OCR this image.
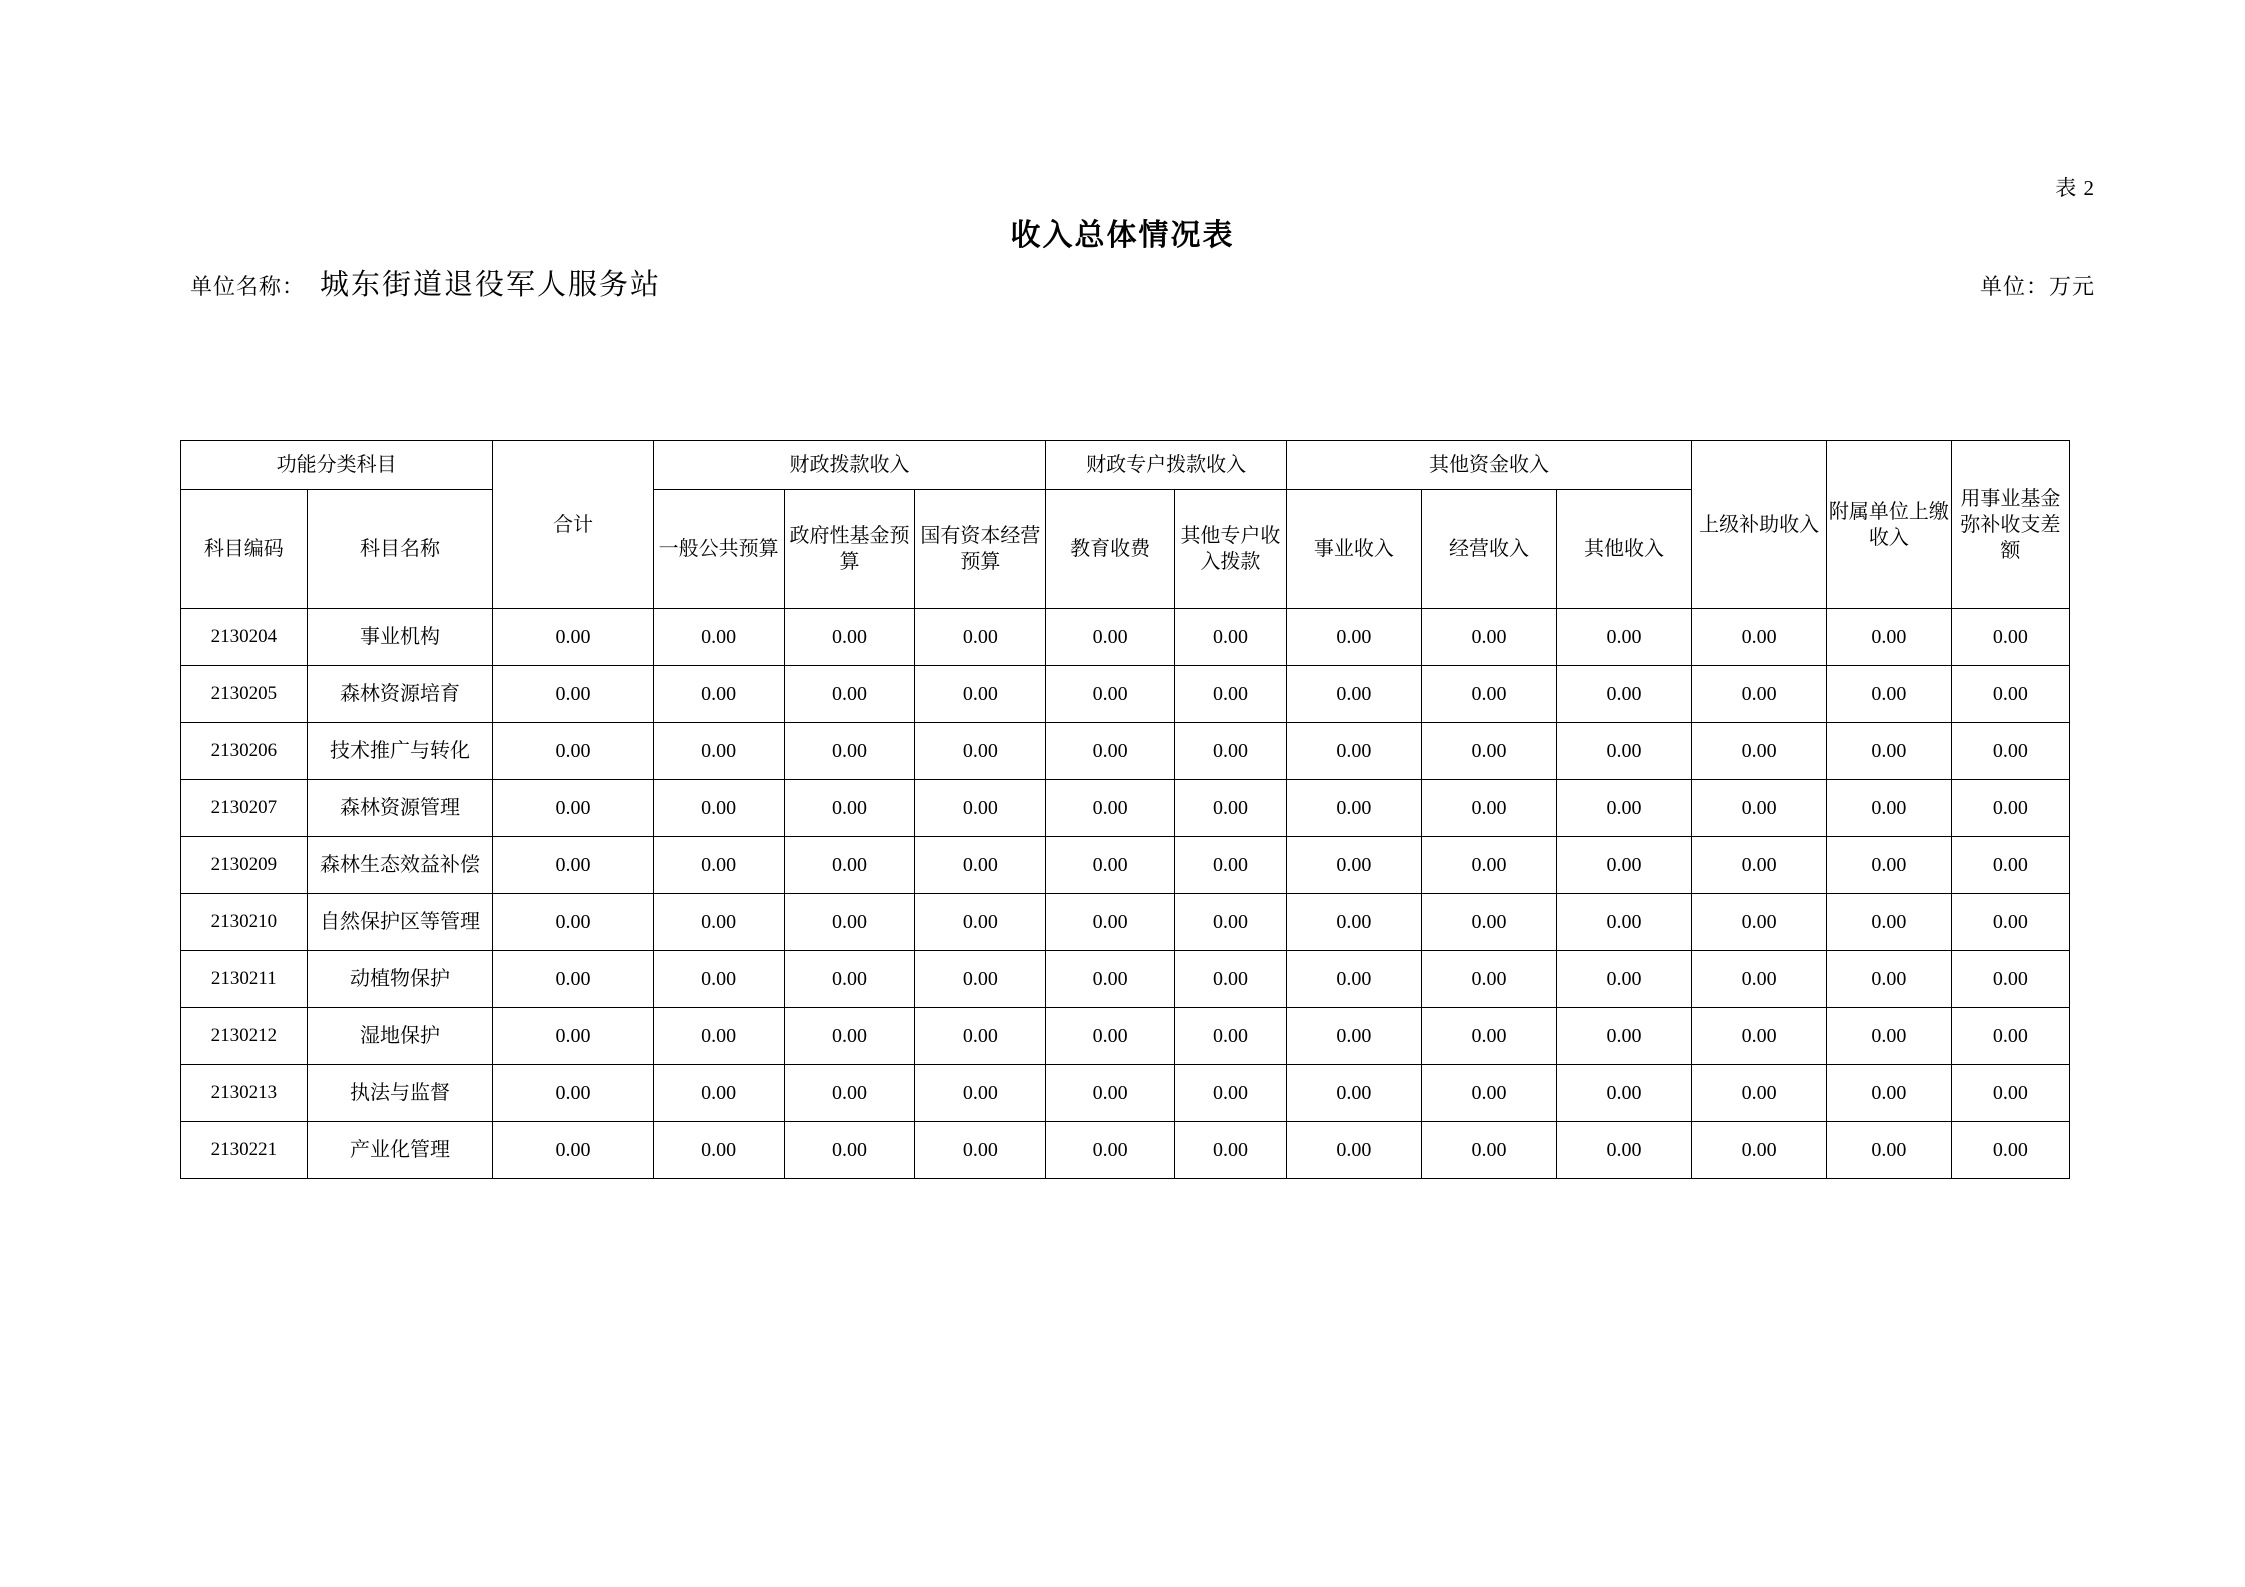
表 2
收入总体情况表
单位名称： 城东街道退役军人服务站	单位：万元
功能分类科目		合计	财政拨款收入			财政专户拨款收入		其他资金收入			上级补助收入	附属单位上缴收入	用事业基金弥补收支差额
科目编码	科目名称		一般公共预算	政府性基金预算	国有资本经营预算	教育收费	其他专户收入拨款	事业收入	经营收入	其他收入			
2130204	事业机构	0.00	0.00	0.00	0.00	0.00	0.00	0.00	0.00	0.00	0.00	0.00	0.00
2130205	森林资源培育	0.00	0.00	0.00	0.00	0.00	0.00	0.00	0.00	0.00	0.00	0.00	0.00
2130206	技术推广与转化	0.00	0.00	0.00	0.00	0.00	0.00	0.00	0.00	0.00	0.00	0.00	0.00
2130207	森林资源管理	0.00	0.00	0.00	0.00	0.00	0.00	0.00	0.00	0.00	0.00	0.00	0.00
2130209	森林生态效益补偿	0.00	0.00	0.00	0.00	0.00	0.00	0.00	0.00	0.00	0.00	0.00	0.00
2130210	自然保护区等管理	0.00	0.00	0.00	0.00	0.00	0.00	0.00	0.00	0.00	0.00	0.00	0.00
2130211	动植物保护	0.00	0.00	0.00	0.00	0.00	0.00	0.00	0.00	0.00	0.00	0.00	0.00
2130212	湿地保护	0.00	0.00	0.00	0.00	0.00	0.00	0.00	0.00	0.00	0.00	0.00	0.00
2130213	执法与监督	0.00	0.00	0.00	0.00	0.00	0.00	0.00	0.00	0.00	0.00	0.00	0.00
2130221	产业化管理	0.00	0.00	0.00	0.00	0.00	0.00	0.00	0.00	0.00	0.00	0.00	0.00
